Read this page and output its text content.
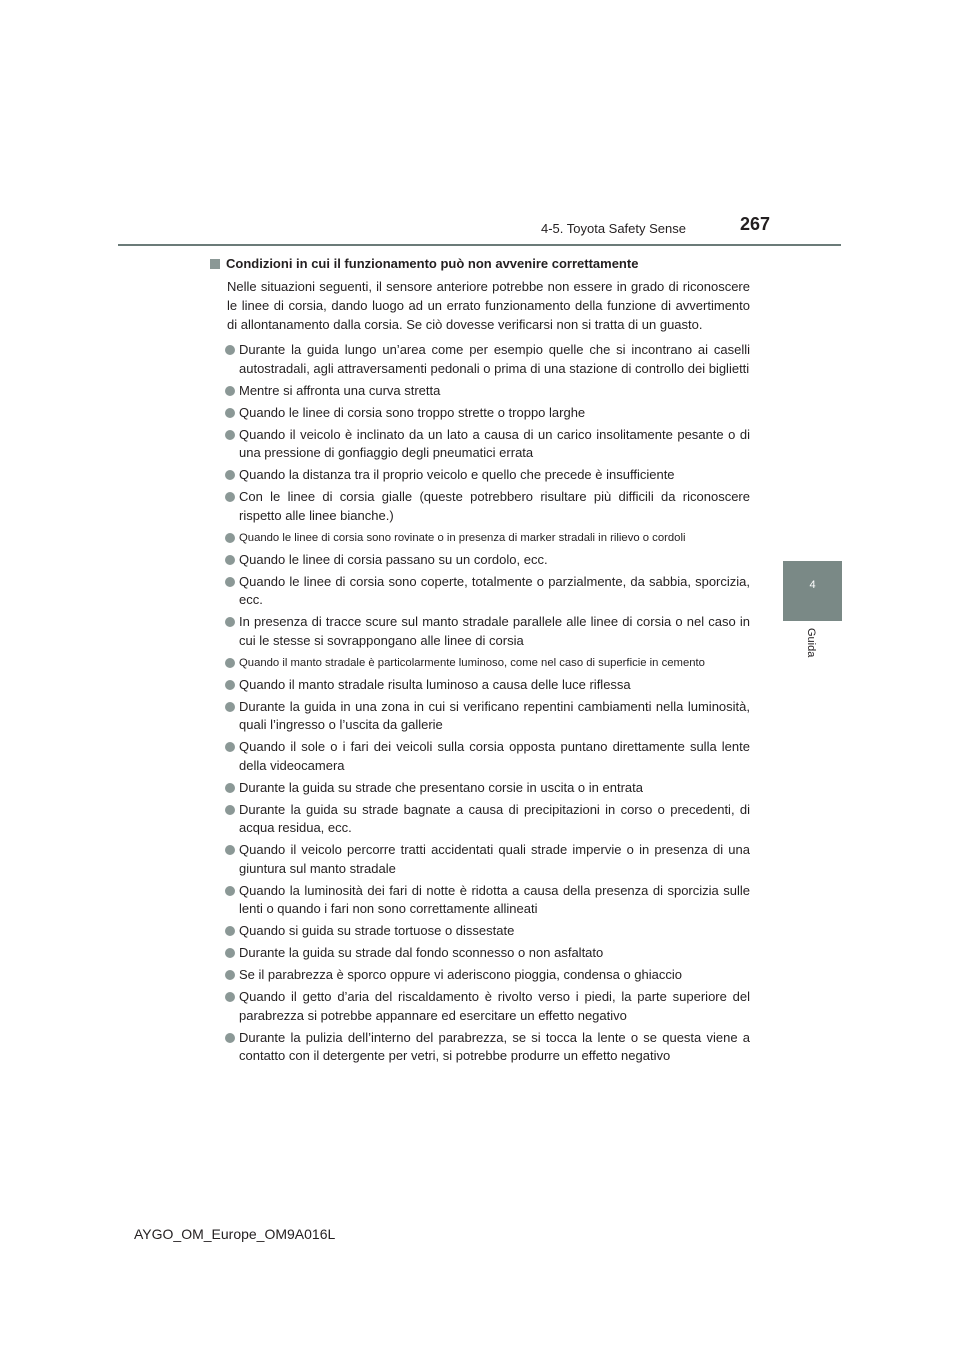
4-5. Toyota Safety Sense	267
4
Guida
Condizioni in cui il funzionamento può non avvenire correttamente

Nelle situazioni seguenti, il sensore anteriore potrebbe non essere in grado di riconoscere le linee di corsia, dando luogo ad un errato funzionamento della funzione di avvertimento di allontanamento dalla corsia. Se ciò dovesse verificarsi non si tratta di un guasto.

Durante la guida lungo un’area come per esempio quelle che si incontrano ai caselli autostradali, agli attraversamenti pedonali o prima di una stazione di controllo dei biglietti
Mentre si affronta una curva stretta
Quando le linee di corsia sono troppo strette o troppo larghe
Quando il veicolo è inclinato da un lato a causa di un carico insolitamente pesante o di una pressione di gonfiaggio degli pneumatici errata
Quando la distanza tra il proprio veicolo e quello che precede è insufficiente
Con le linee di corsia gialle (queste potrebbero risultare più difficili da riconoscere rispetto alle linee bianche.)
Quando le linee di corsia sono rovinate o in presenza di marker stradali in rilievo o cordoli
Quando le linee di corsia passano su un cordolo, ecc.
Quando le linee di corsia sono coperte, totalmente o parzialmente, da sabbia, sporcizia, ecc.
In presenza di tracce scure sul manto stradale parallele alle linee di corsia o nel caso in cui le stesse si sovrappongano alle linee di corsia
Quando il manto stradale è particolarmente luminoso, come nel caso di superficie in cemento
Quando il manto stradale risulta luminoso a causa delle luce riflessa
Durante la guida in una zona in cui si verificano repentini cambiamenti nella luminosità, quali l’ingresso o l’uscita da gallerie
Quando il sole o i fari dei veicoli sulla corsia opposta puntano direttamente sulla lente della videocamera
Durante la guida su strade che presentano corsie in uscita o in entrata
Durante la guida su strade bagnate a causa di precipitazioni in corso o precedenti, di acqua residua, ecc.
Quando il veicolo percorre tratti accidentati quali strade impervie o in presenza di una giuntura sul manto stradale
Quando la luminosità dei fari di notte è ridotta a causa della presenza di sporcizia sulle lenti o quando i fari non sono correttamente allineati
Quando si guida su strade tortuose o dissestate
Durante la guida su strade dal fondo sconnesso o non asfaltato
Se il parabrezza è sporco oppure vi aderiscono pioggia, condensa o ghiaccio
Quando il getto d’aria del riscaldamento è rivolto verso i piedi, la parte superiore del parabrezza si potrebbe appannare ed esercitare un effetto negativo
Durante la pulizia dell’interno del parabrezza, se si tocca la lente o se questa viene a contatto con il detergente per vetri, si potrebbe produrre un effetto negativo
AYGO_OM_Europe_OM9A016L
